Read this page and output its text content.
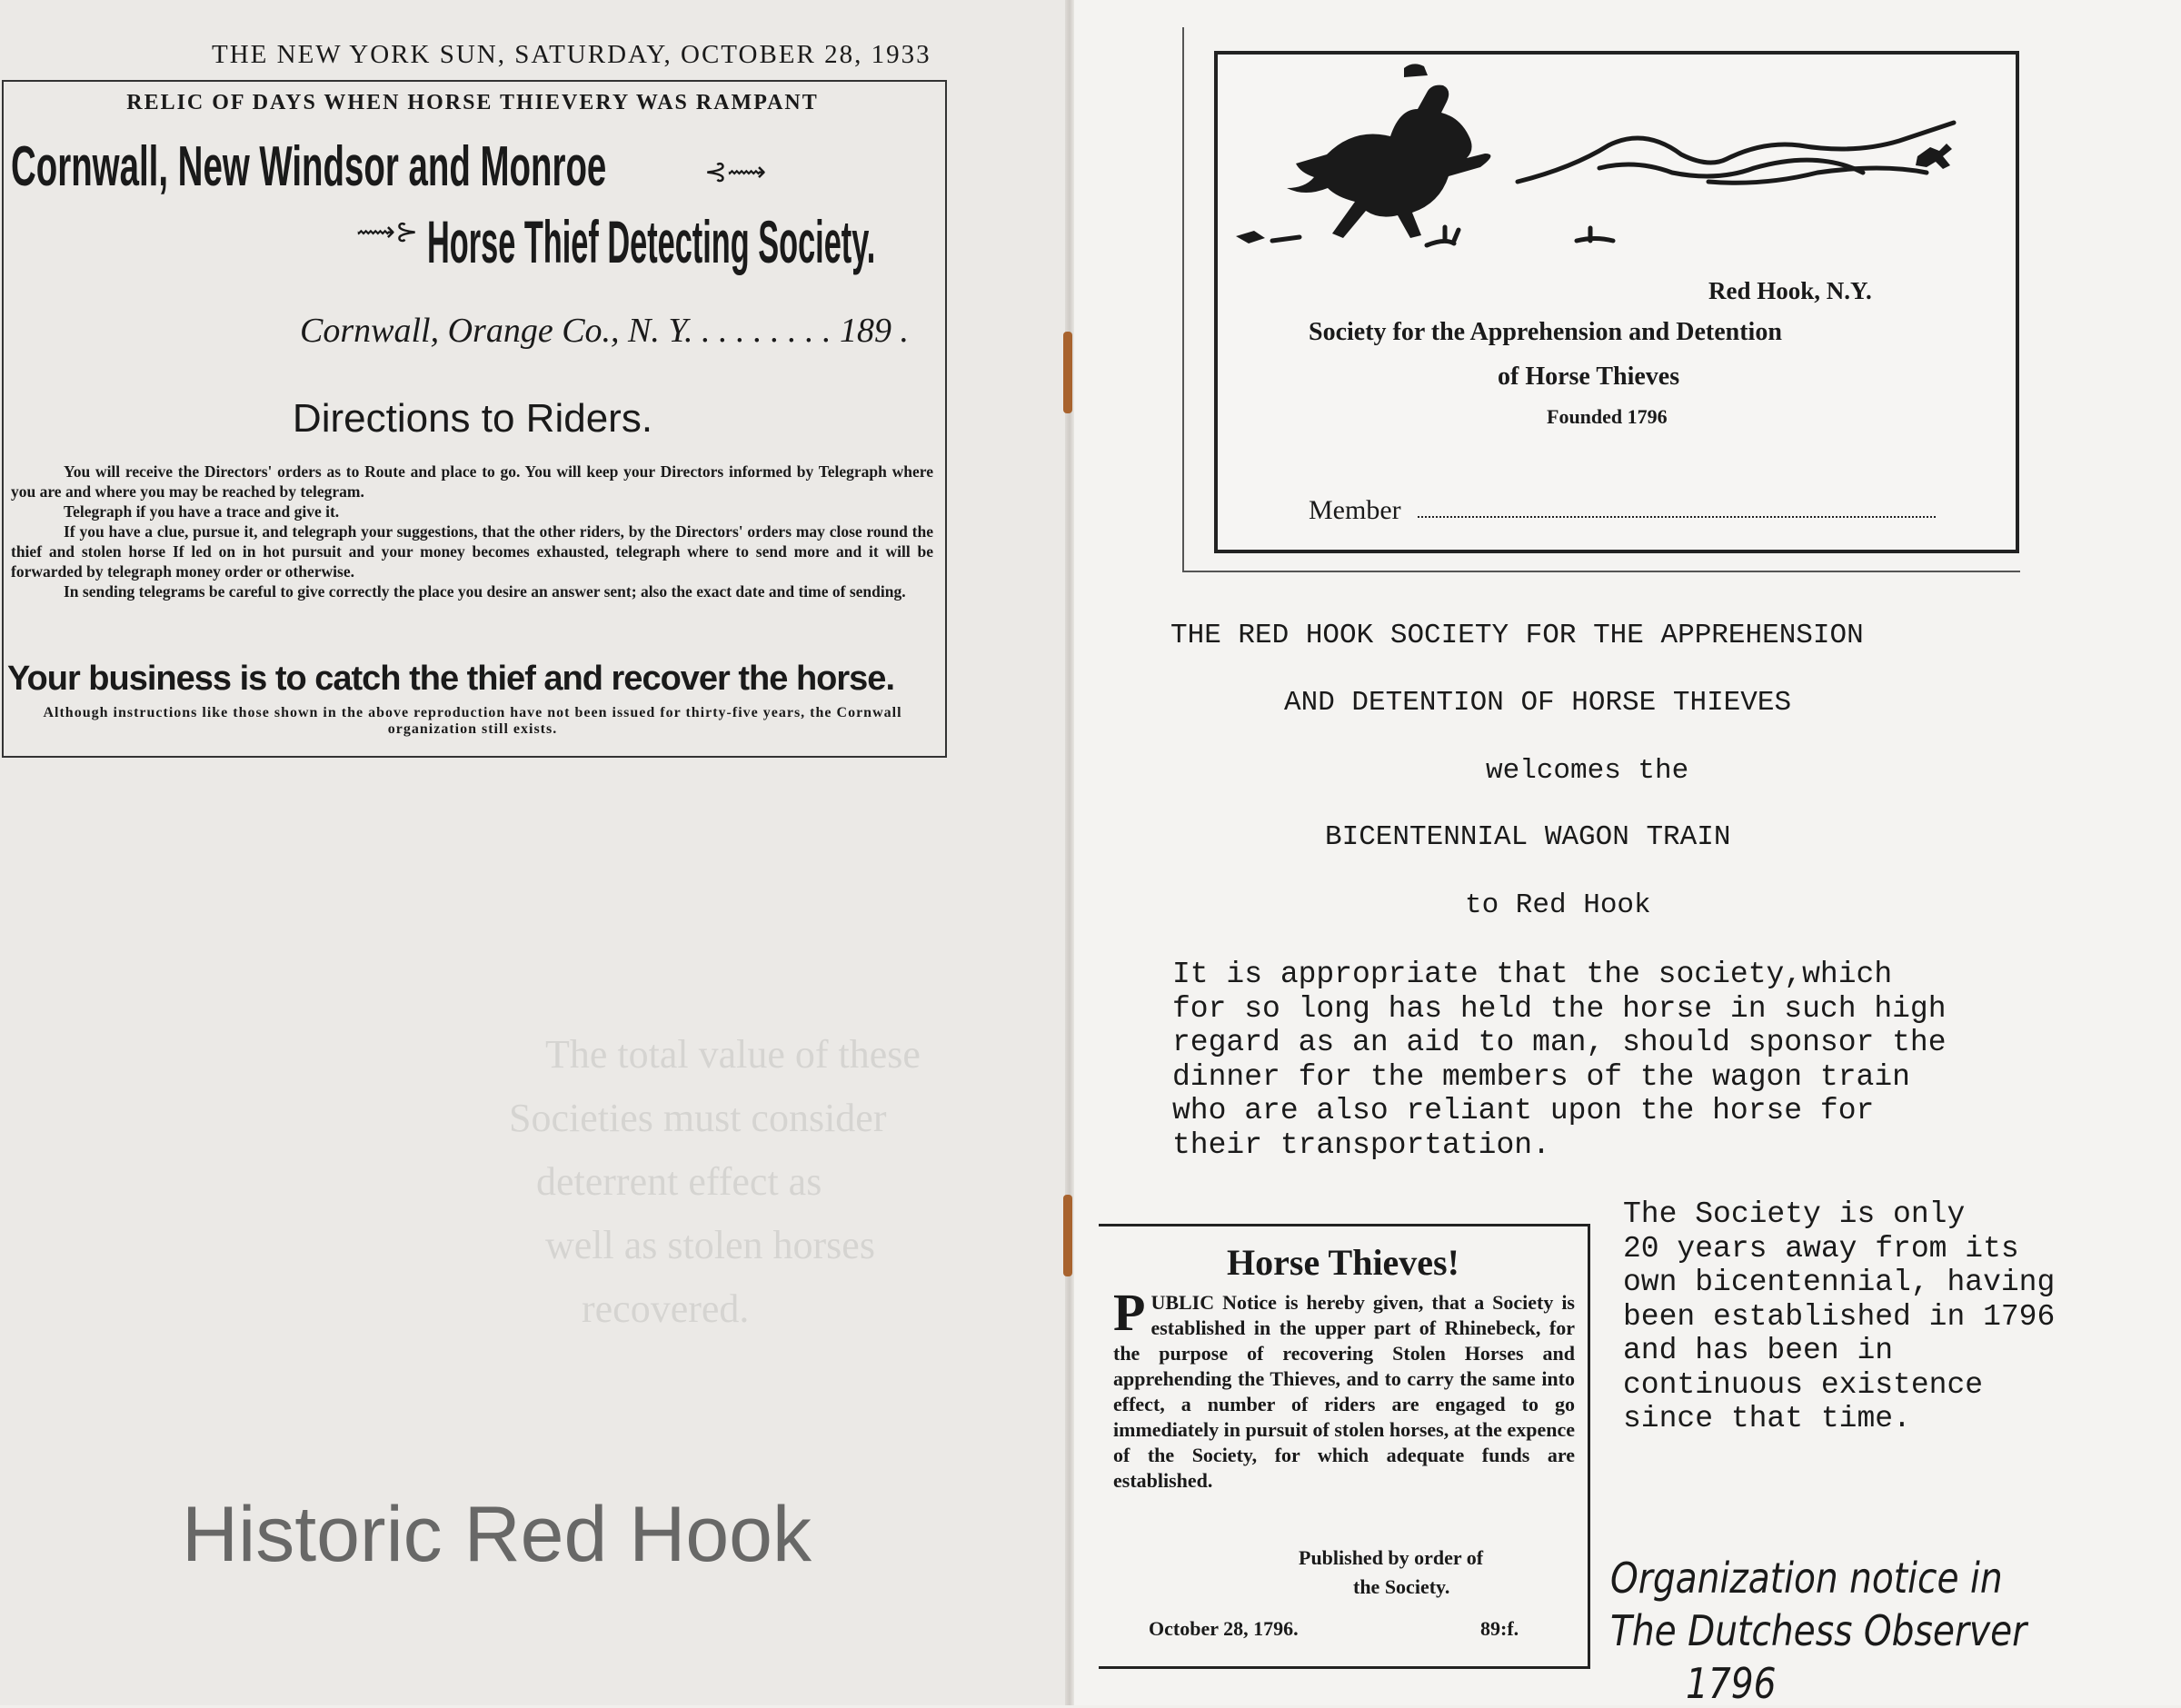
The total value of these
Societies must consider
deterrent effect as
well as stolen horses
recovered.
THE NEW YORK SUN, SATURDAY, OCTOBER 28, 1933
RELIC OF DAYS WHEN HORSE THIEVERY WAS RAMPANT
Cornwall, New Windsor and Monroe	⊰⟿
⟿⊱ Horse Thief Detecting Society.
Cornwall, Orange Co., N. Y. . . . . . . . . 189 .
Directions to Riders.

You will receive the Directors' orders as to Route and place to go. You will keep your Directors informed by Telegraph where you are and where you may be reached by telegram.

Telegraph if you have a trace and give it.

If you have a clue, pursue it, and telegraph your suggestions, that the other riders, by the Directors' orders may close round the thief and stolen horse If led on in hot pursuit and your money becomes exhausted, telegraph where to send more and it will be forwarded by telegraph money order or otherwise.

In sending telegrams be careful to give correctly the place you desire an answer sent; also the exact date and time of sending.

Your business is to catch the thief and recover the horse.
Although instructions like those shown in the above reproduction have not been issued for thirty-five years, the Cornwall organization still exists.
Historic Red Hook
Red Hook, N.Y.
Society for the Apprehension and Detention
of Horse Thieves
Founded 1796
Member
THE RED HOOK SOCIETY FOR THE APPREHENSION
AND DETENTION OF HORSE THIEVES
welcomes the
BICENTENNIAL WAGON TRAIN
to Red Hook
It is appropriate that the society,which
for so long has held the horse in such high
regard as an aid to man, should sponsor the
dinner for the members of the wagon train
who are also reliant upon the horse for
their transportation.
The Society is only
20 years away from its
own bicentennial, having
been established in 1796
and has been in
continuous existence
since that time.
Horse Thieves!
PUBLIC Notice is hereby given, that a Society is established in the upper part of Rhinebeck, for the purpose of recovering Stolen Horses and apprehending the Thieves, and to carry the same into effect, a number of riders are engaged to go immediately in pursuit of stolen horses, at the expence of the Society, for which adequate funds are established.
Published by order of
the Society.
October 28, 1796.	89:f.
Organization notice in
The Dutchess Observer
1796
